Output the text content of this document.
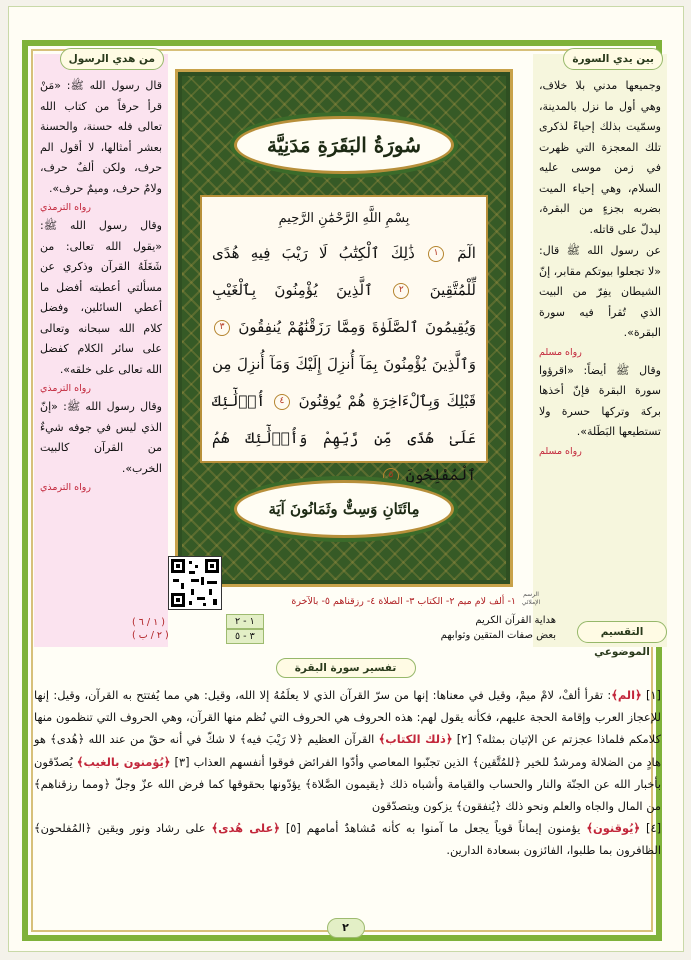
بين يدي السورة

وجميعها مدني بلا خلاف، وهي أول ما نزل بالمدينة، وسمّيت بذلك إحياءً لذكرى تلك المعجزة التي ظهرت في زمن موسى عليه السلام، وهي إحياء الميت بضربه بجزءٍ من البقرة، ليدلّ على قاتله.

عن رسول الله ﷺ قال: «لا تجعلوا بيوتكم مقابر، إنّ الشيطان يفِرّ من البيت الذي تُقرأ فيه سورة البقرة».

رواه مسلم

وقال ﷺ أيضاً: «اقرؤوا سورة البقرة فإنّ أخذها بركة وتركها حسرة ولا تستطيعها البَطَلة».

رواه مسلم
من هدي الرسول

قال رسول الله ﷺ: «مَنْ قرأ حرفاً من كتاب الله تعالى فله حسنة، والحسنة بعشر أمثالها، لا أقول الم حرف، ولكن ألفٌ حرف، ولامٌ حرف، وميمٌ حرف».

رواه الترمذي

وقال رسول الله ﷺ: «يقول الله تعالى: من شَغَلَهُ القرآن وذكري عن مسألتي أعطيته أفضل ما أعطي السائلين، وفضل كلام الله سبحانه وتعالى على سائر الكلام كفضل الله تعالى على خلقه».

رواه الترمذي

وقال رسول الله ﷺ: «إنّ الذي ليس في جوفه شيءٌ من القرآن كالبيت الخرب».

رواه الترمذي
سُورَةُ البَقَرَةِ مَدَنِيَّة
بِسْمِ اللَّهِ الرَّحْمَٰنِ الرَّحِيمِ
الٓمٓ ١ ذَٰلِكَ ٱلْكِتَٰبُ لَا رَيْبَ فِيهِ هُدًى لِّلْمُتَّقِينَ ٢ ٱلَّذِينَ يُؤْمِنُونَ بِٱلْغَيْبِ وَيُقِيمُونَ ٱلصَّلَوٰةَ وَمِمَّا رَزَقْنَٰهُمْ يُنفِقُونَ ٣ وَٱلَّذِينَ يُؤْمِنُونَ بِمَآ أُنزِلَ إِلَيْكَ وَمَآ أُنزِلَ مِن قَبْلِكَ وَبِٱلْءَاخِرَةِ هُمْ يُوقِنُونَ ٤ أُو۟لَٰٓئِكَ عَلَىٰ هُدًى مِّن رَّبِّهِمْ وَأُو۟لَٰٓئِكَ هُمُ ٱلْمُفْلِحُونَ ٥
مِائَتَانِ وَسِتٌّ وثَمَانُونَ آيَة
الرسم الإملائي
١- ألف لام ميم ٢- الكتاب ٣- الصلاة ٤- رزقناهم ٥- بالآخرة
التقسيم الموضوعي
هداية القرآن الكريم
١ - ٢
بعض صفات المتقين وثوابهم
٣ - ٥
( ١ / ٦ )
( ٢ / ب )
تفسير سورة البقرة
[١] ﴿الم﴾: تقرأ ألفْ، لامْ ميمْ، وقيل في معناها: إنها من سرّ القرآن الذي لا يعلَمُهُ إلا الله، وقيل: هي مما يُفتتح به القرآن، وقيل: إنها للإعجاز العرب وإقامة الحجة عليهم، فكأنه يقول لهم: هذه الحروف هي الحروف التي نُظم منها القرآن، وهي الحروف التي تنظمون منها كلامكم فلماذا عجزتم عن الإتيان بمثله؟ [٢] ﴿ذلك الكتاب﴾ القرآن العظيم ﴿لا رَيْبَ فيه﴾ لا شكّ في أنه حقّ من عند الله ﴿هُدى﴾ هو هادٍ من الضلالة ومرشدٌ للخير ﴿للمُتَّقين﴾ الذين تجنّبوا المعاصي وأدّوا الفرائض فوقوا أنفسهم العذاب [٣] ﴿يُؤمنون بالغيب﴾ يُصدّقون بأخبار الله عن الجنّة والنار والحساب والقيامة وأشباه ذلك ﴿يقيمون الصَّلاة﴾ يؤدّونها بحقوقها كما فرض الله عزّ وجلّ ﴿ومما رزقناهم﴾ من المال والجاه والعلم ونحو ذلك ﴿يُنفقون﴾ يزكون ويتصدّقون
[٤] ﴿يُوقنون﴾ يؤمنون إيماناً قوياً يجعل ما آمنوا به كأنه مُشاهدٌ أمامهم [٥] ﴿على هُدى﴾ على رشاد ونور ويقين ﴿المُفلحون﴾ الظافرون بما طلبوا، الفائزون بسعادة الدارين.
٢
